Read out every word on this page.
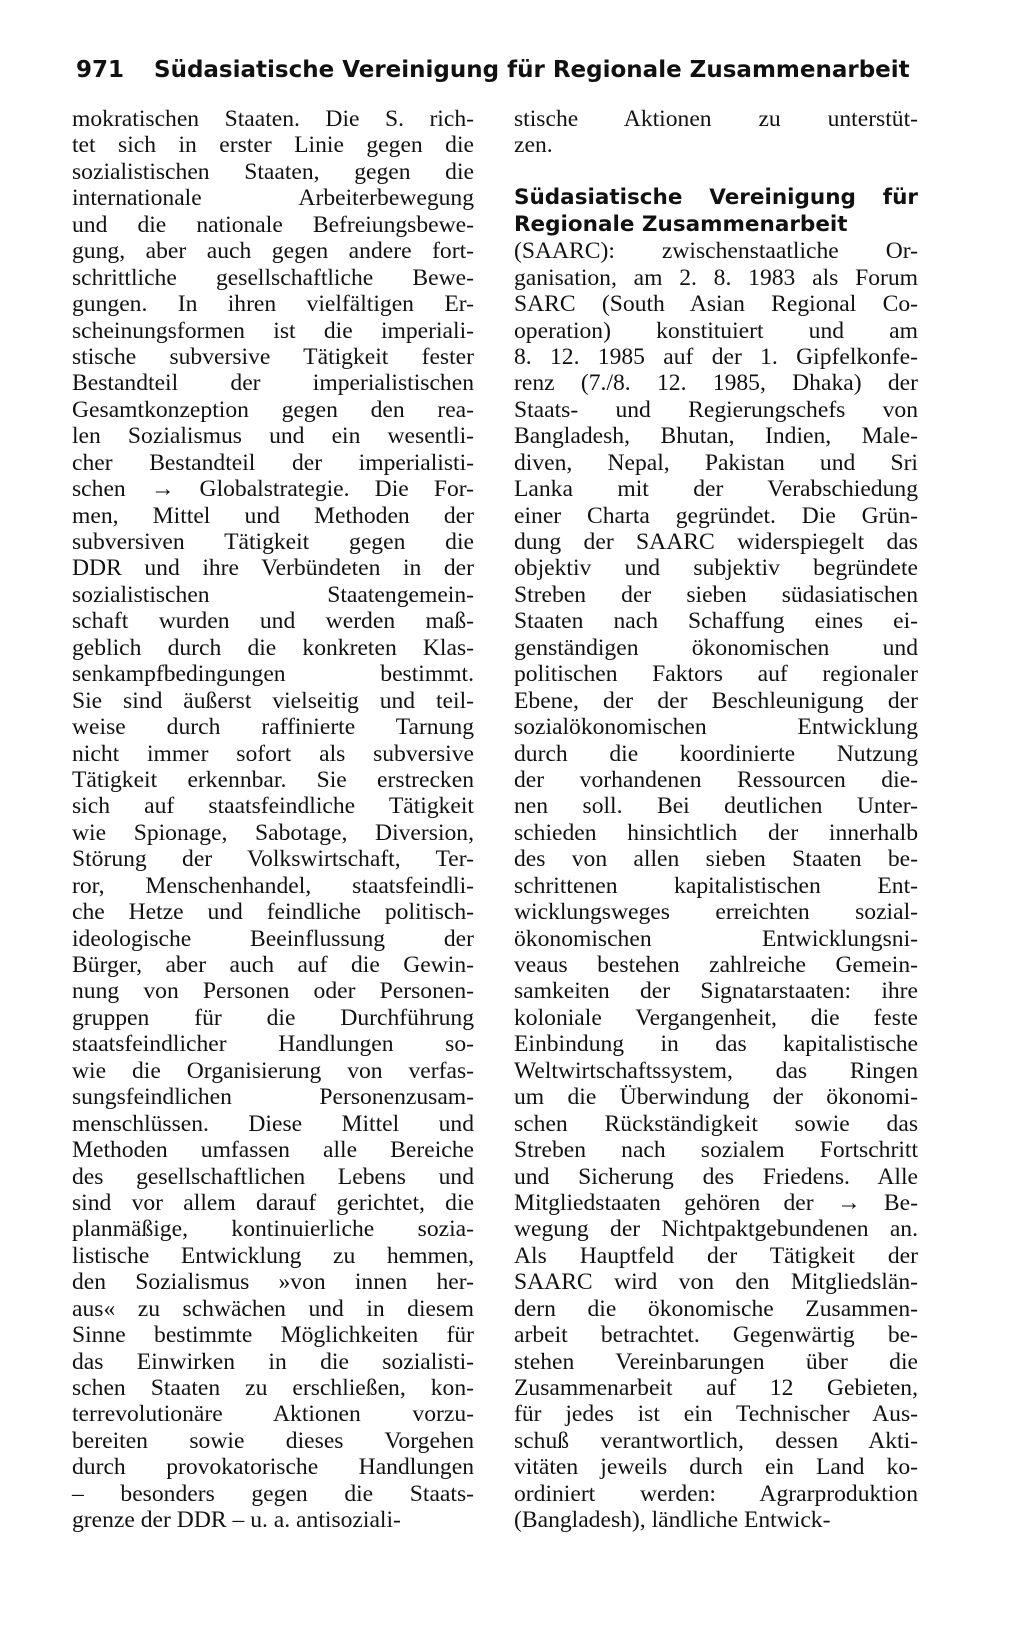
971	Südasiatische Vereinigung für Regionale Zusammenarbeit
mokratischen Staaten. Die S. rich-
tet sich in erster Linie gegen die
sozialistischen Staaten, gegen die
internationale Arbeiterbewegung
und die nationale Befreiungsbewe-
gung, aber auch gegen andere fort-
schrittliche gesellschaftliche Bewe-
gungen. In ihren vielfältigen Er-
scheinungsformen ist die imperiali-
stische subversive Tätigkeit fester
Bestandteil der imperialistischen
Gesamtkonzeption gegen den rea-
len Sozialismus und ein wesentli-
cher Bestandteil der imperialisti-
schen → Globalstrategie. Die For-
men, Mittel und Methoden der
subversiven Tätigkeit gegen die
DDR und ihre Verbündeten in der
sozialistischen Staatengemein-
schaft wurden und werden maß-
geblich durch die konkreten Klas-
senkampfbedingungen bestimmt.
Sie sind äußerst vielseitig und teil-
weise durch raffinierte Tarnung
nicht immer sofort als subversive
Tätigkeit erkennbar. Sie erstrecken
sich auf staatsfeindliche Tätigkeit
wie Spionage, Sabotage, Diversion,
Störung der Volkswirtschaft, Ter-
ror, Menschenhandel, staatsfeindli-
che Hetze und feindliche politisch-
ideologische Beeinflussung der
Bürger, aber auch auf die Gewin-
nung von Personen oder Personen-
gruppen für die Durchführung
staatsfeindlicher Handlungen so-
wie die Organisierung von verfas-
sungsfeindlichen Personenzusam-
menschlüssen. Diese Mittel und
Methoden umfassen alle Bereiche
des gesellschaftlichen Lebens und
sind vor allem darauf gerichtet, die
planmäßige, kontinuierliche sozia-
listische Entwicklung zu hemmen,
den Sozialismus »von innen her-
aus« zu schwächen und in diesem
Sinne bestimmte Möglichkeiten für
das Einwirken in die sozialisti-
schen Staaten zu erschließen, kon-
terrevolutionäre Aktionen vorzu-
bereiten sowie dieses Vorgehen
durch provokatorische Handlungen
– besonders gegen die Staats-
grenze der DDR – u. a. antisoziali-
stische Aktionen zu unterstüt-
zen.
Südasiatische Vereinigung für
Regionale Zusammenarbeit
(SAARC): zwischenstaatliche Or-
ganisation, am 2. 8. 1983 als Forum
SARC (South Asian Regional Co-
operation) konstituiert und am
8. 12. 1985 auf der 1. Gipfelkonfe-
renz (7./8. 12. 1985, Dhaka) der
Staats- und Regierungschefs von
Bangladesh, Bhutan, Indien, Male-
diven, Nepal, Pakistan und Sri
Lanka mit der Verabschiedung
einer Charta gegründet. Die Grün-
dung der SAARC widerspiegelt das
objektiv und subjektiv begründete
Streben der sieben südasiatischen
Staaten nach Schaffung eines ei-
genständigen ökonomischen und
politischen Faktors auf regionaler
Ebene, der der Beschleunigung der
sozialökonomischen Entwicklung
durch die koordinierte Nutzung
der vorhandenen Ressourcen die-
nen soll. Bei deutlichen Unter-
schieden hinsichtlich der innerhalb
des von allen sieben Staaten be-
schrittenen kapitalistischen Ent-
wicklungsweges erreichten sozial-
ökonomischen Entwicklungsni-
veaus bestehen zahlreiche Gemein-
samkeiten der Signatarstaaten: ihre
koloniale Vergangenheit, die feste
Einbindung in das kapitalistische
Weltwirtschaftssystem, das Ringen
um die Überwindung der ökonomi-
schen Rückständigkeit sowie das
Streben nach sozialem Fortschritt
und Sicherung des Friedens. Alle
Mitgliedstaaten gehören der → Be-
wegung der Nichtpaktgebundenen an.
Als Hauptfeld der Tätigkeit der
SAARC wird von den Mitgliedslän-
dern die ökonomische Zusammen-
arbeit betrachtet. Gegenwärtig be-
stehen Vereinbarungen über die
Zusammenarbeit auf 12 Gebieten,
für jedes ist ein Technischer Aus-
schuß verantwortlich, dessen Akti-
vitäten jeweils durch ein Land ko-
ordiniert werden: Agrarproduktion
(Bangladesh), ländliche Entwick-
